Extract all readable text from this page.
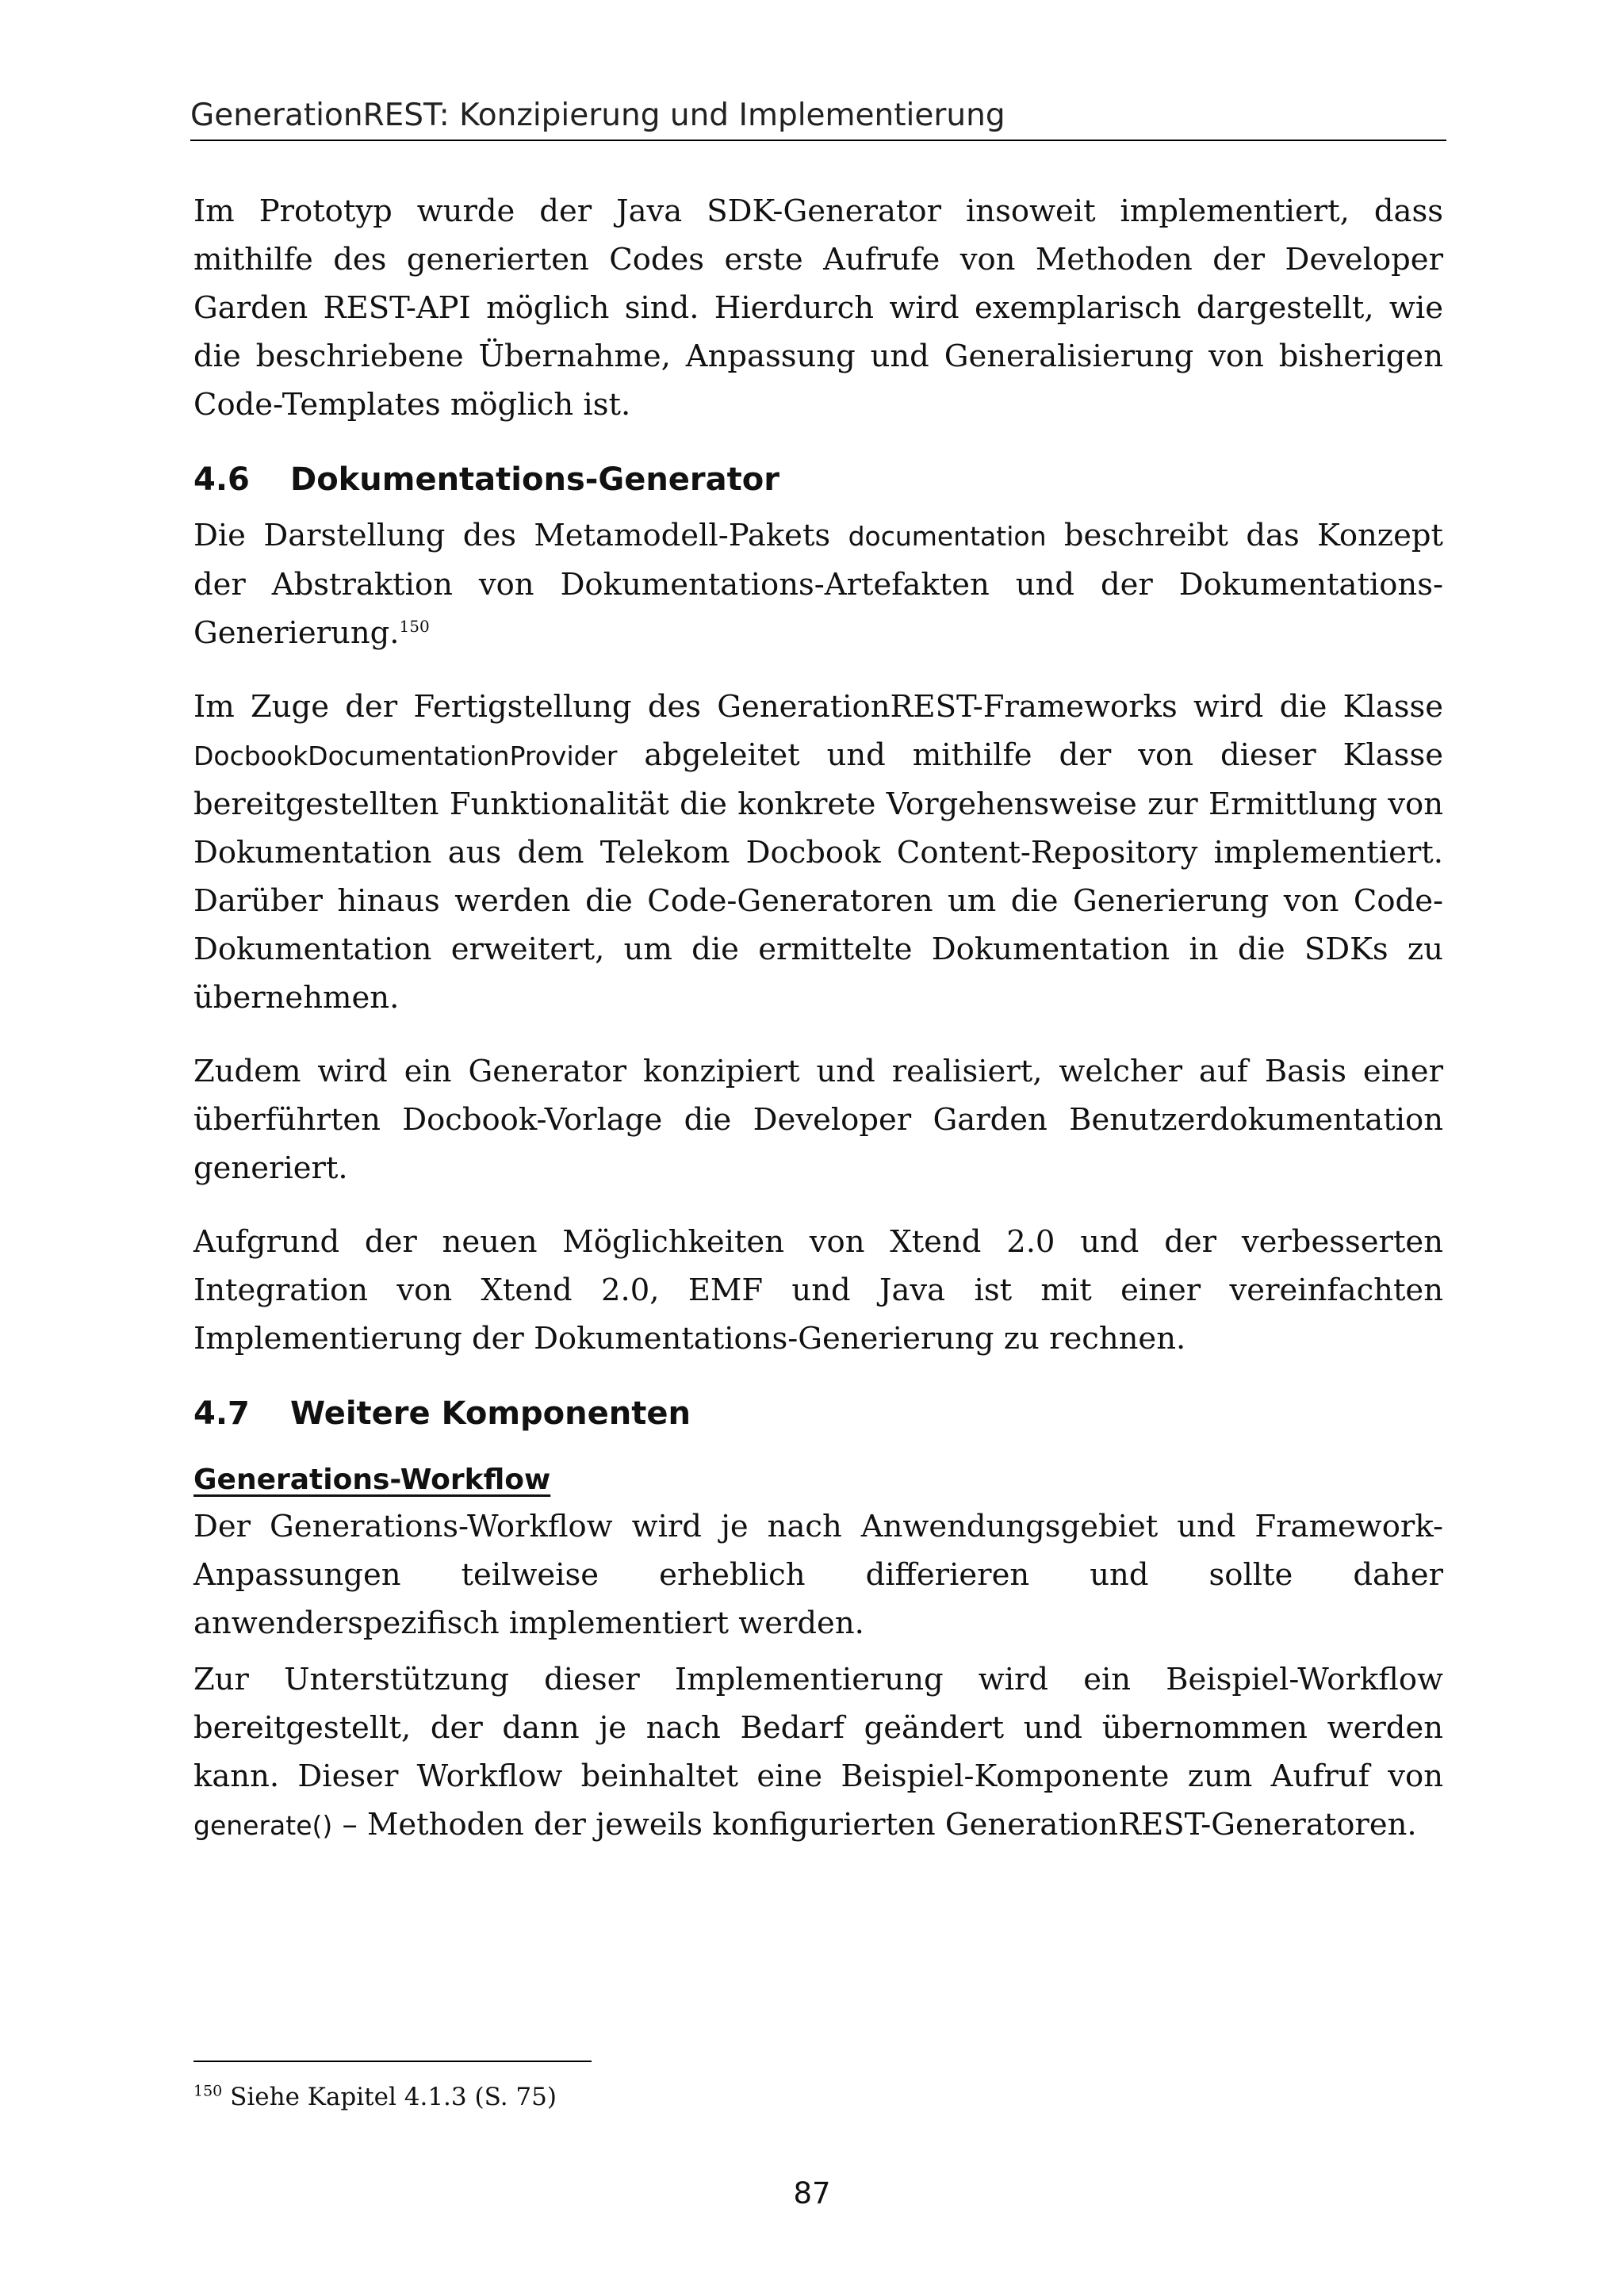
GenerationREST: Konzipierung und Implementierung

Im Prototyp wurde der Java SDK-Generator insoweit implementiert, dass mithilfe des generierten Codes erste Aufrufe von Methoden der Developer Garden REST-API möglich sind. Hierdurch wird exemplarisch dargestellt, wie die beschriebene Übernahme, Anpassung und Generalisierung von bisherigen Code-Templates möglich ist.

4.6	Dokumentations-Generator

Die Darstellung des Metamodell-Pakets documentation beschreibt das Konzept der Abstraktion von Dokumentations-Artefakten und der Dokumentations-Generierung.$^{150}$

Im Zuge der Fertigstellung des GenerationREST-Frameworks wird die Klasse DocbookDocumentationProvider abgeleitet und mithilfe der von dieser Klasse bereitgestellten Funktionalität die konkrete Vorgehensweise zur Ermittlung von Dokumentation aus dem Telekom Docbook Content-Repository implementiert. Darüber hinaus werden die Code-Generatoren um die Generierung von Code-Dokumentation erweitert, um die ermittelte Dokumentation in die SDKs zu übernehmen.

Zudem wird ein Generator konzipiert und realisiert, welcher auf Basis einer überführten Docbook-Vorlage die Developer Garden Benutzerdokumentation generiert.

Aufgrund der neuen Möglichkeiten von Xtend 2.0 und der verbesserten Integration von Xtend 2.0, EMF und Java ist mit einer vereinfachten Implementierung der Dokumentations-Generierung zu rechnen.

4.7	Weitere Komponenten
Generations-Workflow

Der Generations-Workflow wird je nach Anwendungsgebiet und Framework-Anpassungen teilweise erheblich differieren und sollte daher anwenderspezifisch implementiert werden.

Zur Unterstützung dieser Implementierung wird ein Beispiel-Workflow bereitgestellt, der dann je nach Bedarf geändert und übernommen werden kann. Dieser Workflow beinhaltet eine Beispiel-Komponente zum Aufruf von generate() – Methoden der jeweils konfigurierten GenerationREST-Generatoren.

$^{150}$ Siehe Kapitel 4.1.3 (S. 75)
87
